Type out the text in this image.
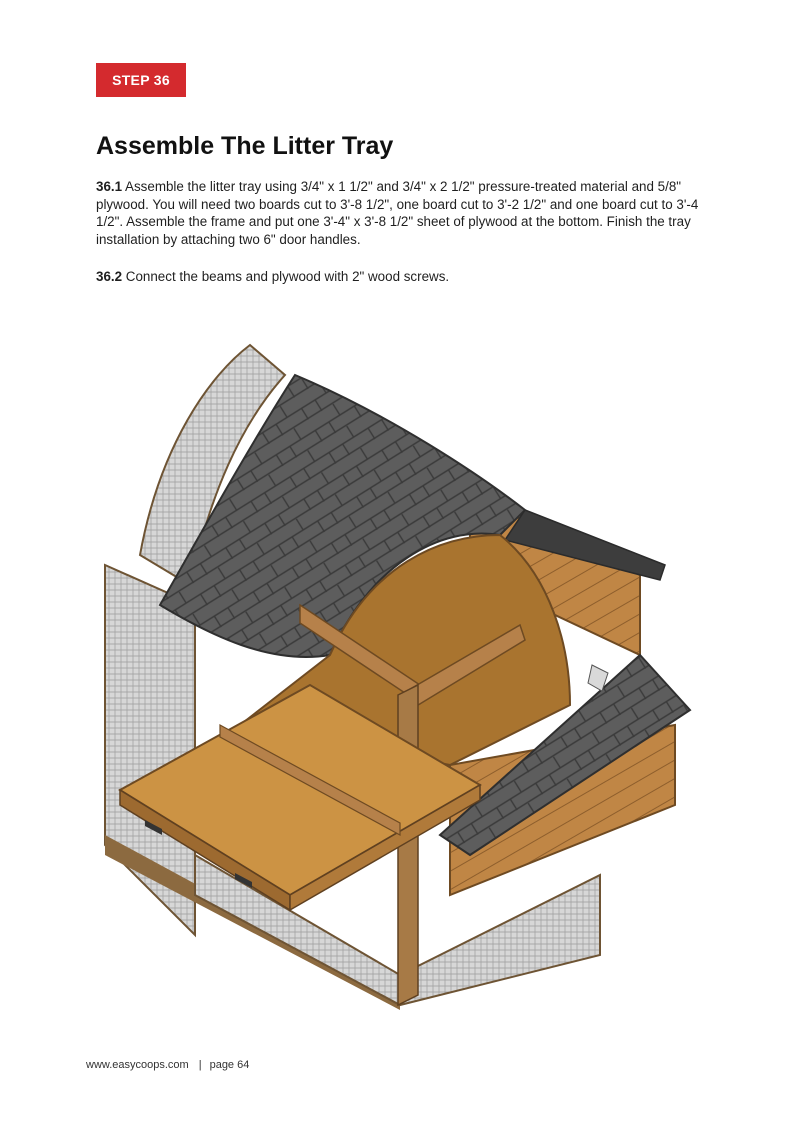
STEP 36
Assemble The Litter Tray

36.1 Assemble the litter tray using 3/4" x 1 1/2" and 3/4" x 2 1/2" pressure-treated material and 5/8" plywood. You will need two boards cut to 3'-8 1/2", one board cut to 3'-2 1/2" and one board cut to 3'-4 1/2". Assemble the frame and put one 3'-4" x 3'-8 1/2" sheet of plywood at the bottom. Finish the tray installation by attaching two 6" door handles.

36.2 Connect the beams and plywood with 2" wood screws.

www.easycoops.com | page 64
